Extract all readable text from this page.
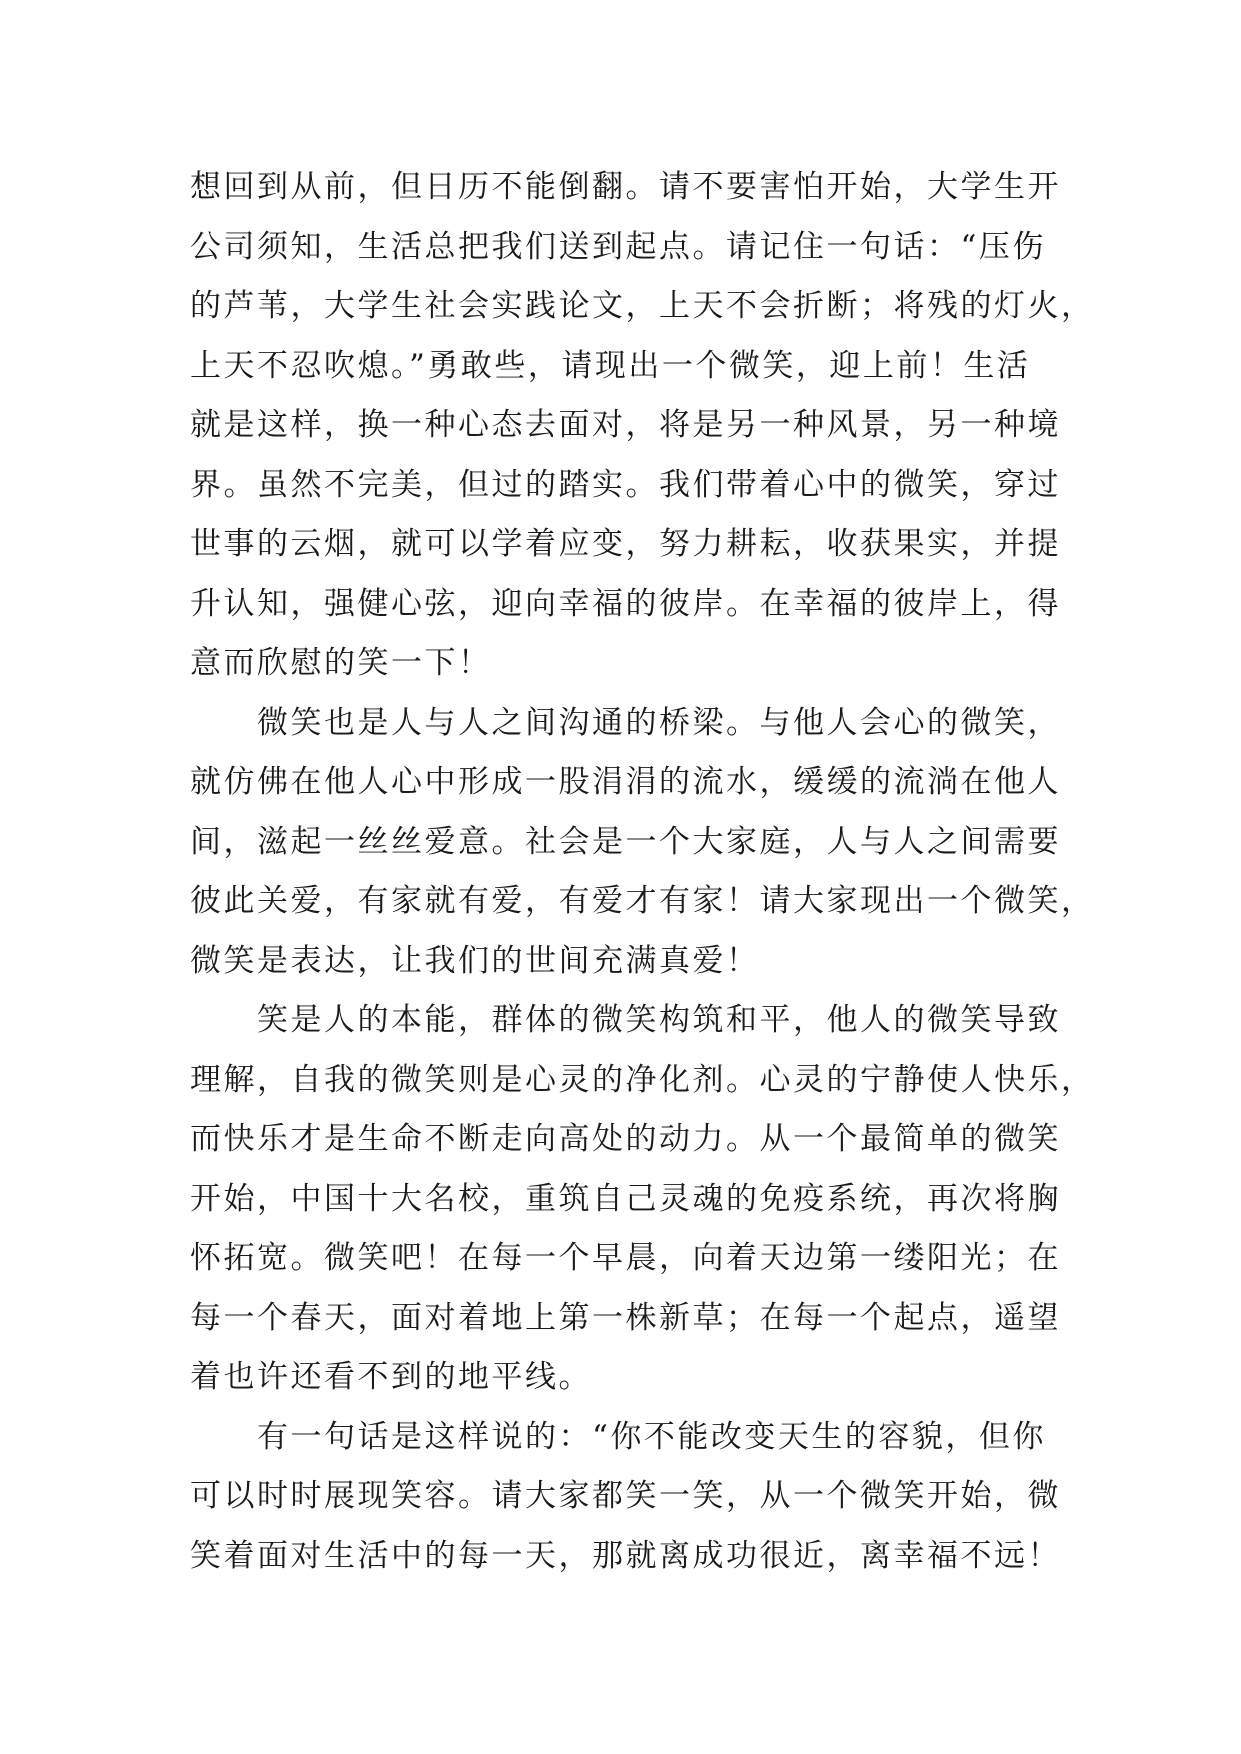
想回到从前，但日历不能倒翻。请不要害怕开始，大学生开
公司须知，生活总把我们送到起点。请记住一句话：“压伤
的芦苇，大学生社会实践论文，上天不会折断；将残的灯火，
上天不忍吹熄。”勇敢些，请现出一个微笑，迎上前！生活
就是这样，换一种心态去面对，将是另一种风景，另一种境
界。虽然不完美，但过的踏实。我们带着心中的微笑，穿过
世事的云烟，就可以学着应变，努力耕耘，收获果实，并提
升认知，强健心弦，迎向幸福的彼岸。在幸福的彼岸上，得
意而欣慰的笑一下！
　　微笑也是人与人之间沟通的桥梁。与他人会心的微笑，
就仿佛在他人心中形成一股涓涓的流水，缓缓的流淌在他人
间，滋起一丝丝爱意。社会是一个大家庭，人与人之间需要
彼此关爱，有家就有爱，有爱才有家！请大家现出一个微笑，
微笑是表达，让我们的世间充满真爱！
　　笑是人的本能，群体的微笑构筑和平，他人的微笑导致
理解，自我的微笑则是心灵的净化剂。心灵的宁静使人快乐，
而快乐才是生命不断走向高处的动力。从一个最简单的微笑
开始，中国十大名校，重筑自己灵魂的免疫系统，再次将胸
怀拓宽。微笑吧！在每一个早晨，向着天边第一缕阳光；在
每一个春天，面对着地上第一株新草；在每一个起点，遥望
着也许还看不到的地平线。
　　有一句话是这样说的：“你不能改变天生的容貌，但你
可以时时展现笑容。请大家都笑一笑，从一个微笑开始，微
笑着面对生活中的每一天，那就离成功很近，离幸福不远！
